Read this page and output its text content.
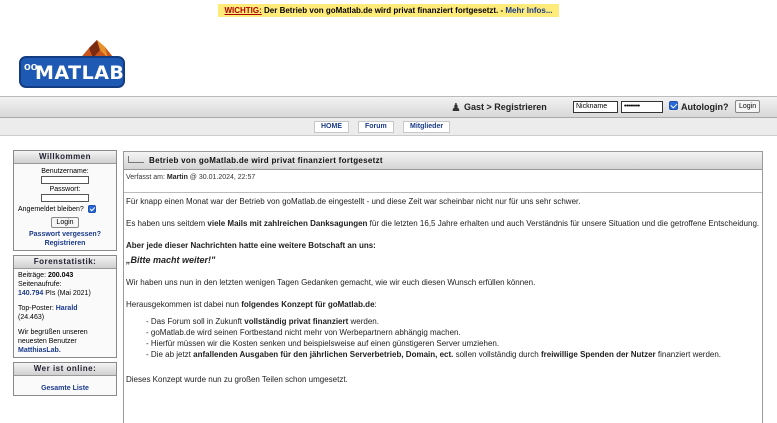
WICHTIG: Der Betrieb von goMatlab.de wird privat finanziert fortgesetzt. - Mehr Infos...
oo
MATLAB
♟ Gast > Registrieren	Nickname	••••••••	Autologin?	Login
HOME	Forum	Mitglieder
Willkommen
Benutzername:
Passwort:
Angemeldet bleiben?
Login
Passwort vergessen?
Registrieren
Forenstatistik:
Beiträge: 200.043
Seitenaufrufe:
140.794 PIs (Mai 2021)
Top-Poster: Harald
(24.463)
Wir begrüßen unseren neuesten Benutzer
MatthiasLab.
Wer ist online:
Gesamte Liste
Betrieb von goMatlab.de wird privat finanziert fortgesetzt
Verfasst am: Martin @ 30.01.2024, 22:57

Für knapp einen Monat war der Betrieb von goMatlab.de eingestellt - und diese Zeit war scheinbar nicht nur für uns sehr schwer.

Es haben uns seitdem viele Mails mit zahlreichen Danksagungen für die letzten 16,5 Jahre erhalten und auch Verständnis für unsere Situation und die getroffene Entscheidung.

Aber jede dieser Nachrichten hatte eine weitere Botschaft an uns:

„Bitte macht weiter!"

Wir haben uns nun in den letzten wenigen Tagen Gedanken gemacht, wie wir euch diesen Wunsch erfüllen können.

Herausgekommen ist dabei nun folgendes Konzept für goMatlab.de:

- Das Forum soll in Zukunft vollständig privat finanziert werden.
- goMatlab.de wird seinen Fortbestand nicht mehr von Werbepartnern abhängig machen.
- Hierfür müssen wir die Kosten senken und beispielsweise auf einen günstigeren Server umziehen.
- Die ab jetzt anfallenden Ausgaben für den jährlichen Serverbetrieb, Domain, ect. sollen vollständig durch freiwillige Spenden der Nutzer finanziert werden.

Dieses Konzept wurde nun zu großen Teilen schon umgesetzt.
